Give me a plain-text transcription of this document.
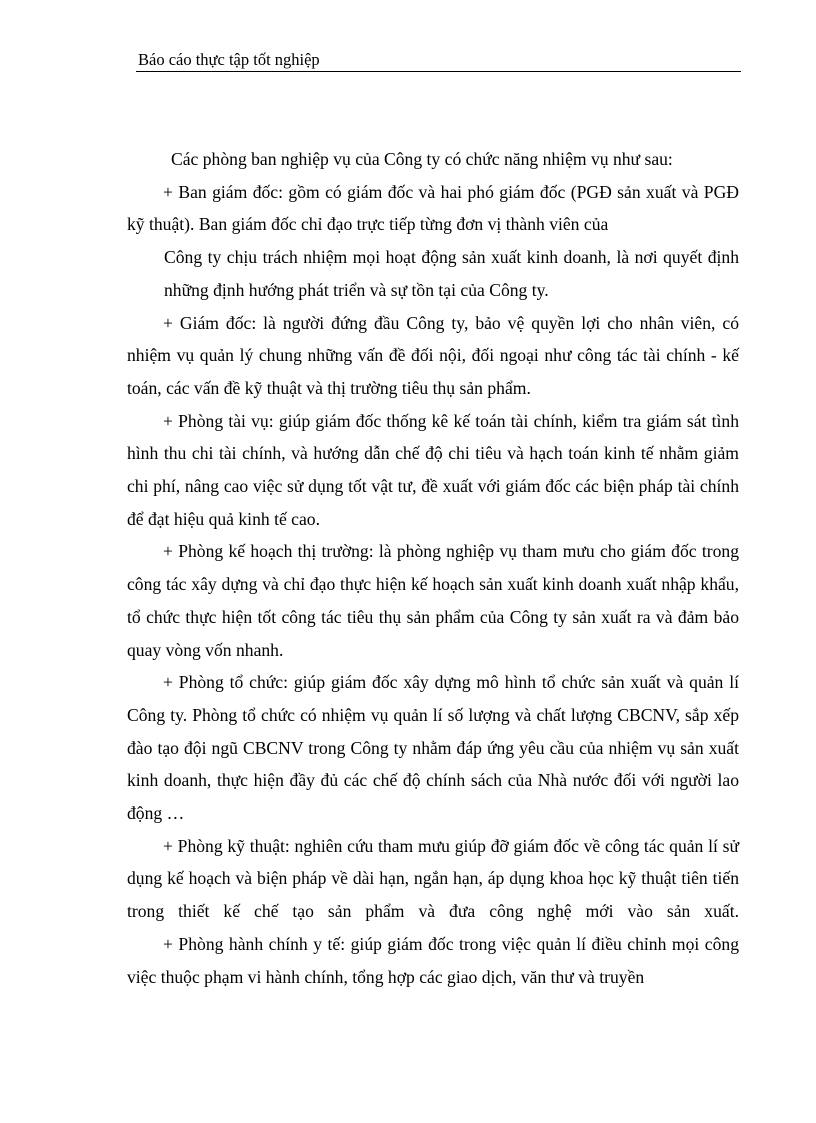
Báo cáo thực tập tốt nghiệp

Các phòng ban nghiệp vụ của Công ty có chức năng nhiệm vụ như sau:

+ Ban giám đốc: gồm có giám đốc và hai phó giám đốc (PGĐ sản xuất và PGĐ kỹ thuật). Ban giám đốc chỉ đạo trực tiếp từng đơn vị thành viên của

Công ty chịu trách nhiệm mọi hoạt động sản xuất kinh doanh, là nơi quyết định những định hướng phát triển và sự tồn tại của Công ty.

+ Giám đốc: là người đứng đầu Công ty, bảo vệ quyền lợi cho nhân viên, có nhiệm vụ quản lý chung những vấn đề đối nội, đối ngoại như công tác tài chính - kế toán, các vấn đề kỹ thuật và thị trường tiêu thụ sản phẩm.

+ Phòng tài vụ: giúp giám đốc thống kê kế toán tài chính, kiểm tra giám sát tình hình thu chi tài chính, và hướng dẫn chế độ chi tiêu và hạch toán kinh tế nhằm giảm chi phí, nâng cao việc sử dụng tốt vật tư, đề xuất với giám đốc các biện pháp tài chính để đạt hiệu quả kinh tế cao.

+ Phòng kế hoạch thị trường: là phòng nghiệp vụ tham mưu cho giám đốc trong công tác xây dựng và chỉ đạo thực hiện kế hoạch sản xuất kinh doanh xuất nhập khẩu, tổ chức thực hiện tốt công tác tiêu thụ sản phẩm của Công ty sản xuất ra và đảm bảo quay vòng vốn nhanh.

+ Phòng tổ chức: giúp giám đốc xây dựng mô hình tổ chức sản xuất và quản lí Công ty. Phòng tổ chức có nhiệm vụ quản lí số lượng và chất lượng CBCNV, sắp xếp đào tạo đội ngũ CBCNV trong Công ty nhằm đáp ứng yêu cầu của nhiệm vụ sản xuất kinh doanh, thực hiện đầy đủ các chế độ chính sách của Nhà nước đối với người lao động …

+ Phòng kỹ thuật: nghiên cứu tham mưu giúp đỡ giám đốc về công tác quản lí sử dụng kế hoạch và biện pháp về dài hạn, ngắn hạn, áp dụng khoa học kỹ thuật tiên tiến trong thiết kế chế tạo sản phẩm và đưa công nghệ mới vào sản xuất.

+ Phòng hành chính y tế: giúp giám đốc trong việc quản lí điều chỉnh mọi công việc thuộc phạm vi hành chính, tổng hợp các giao dịch, văn thư và truyền
